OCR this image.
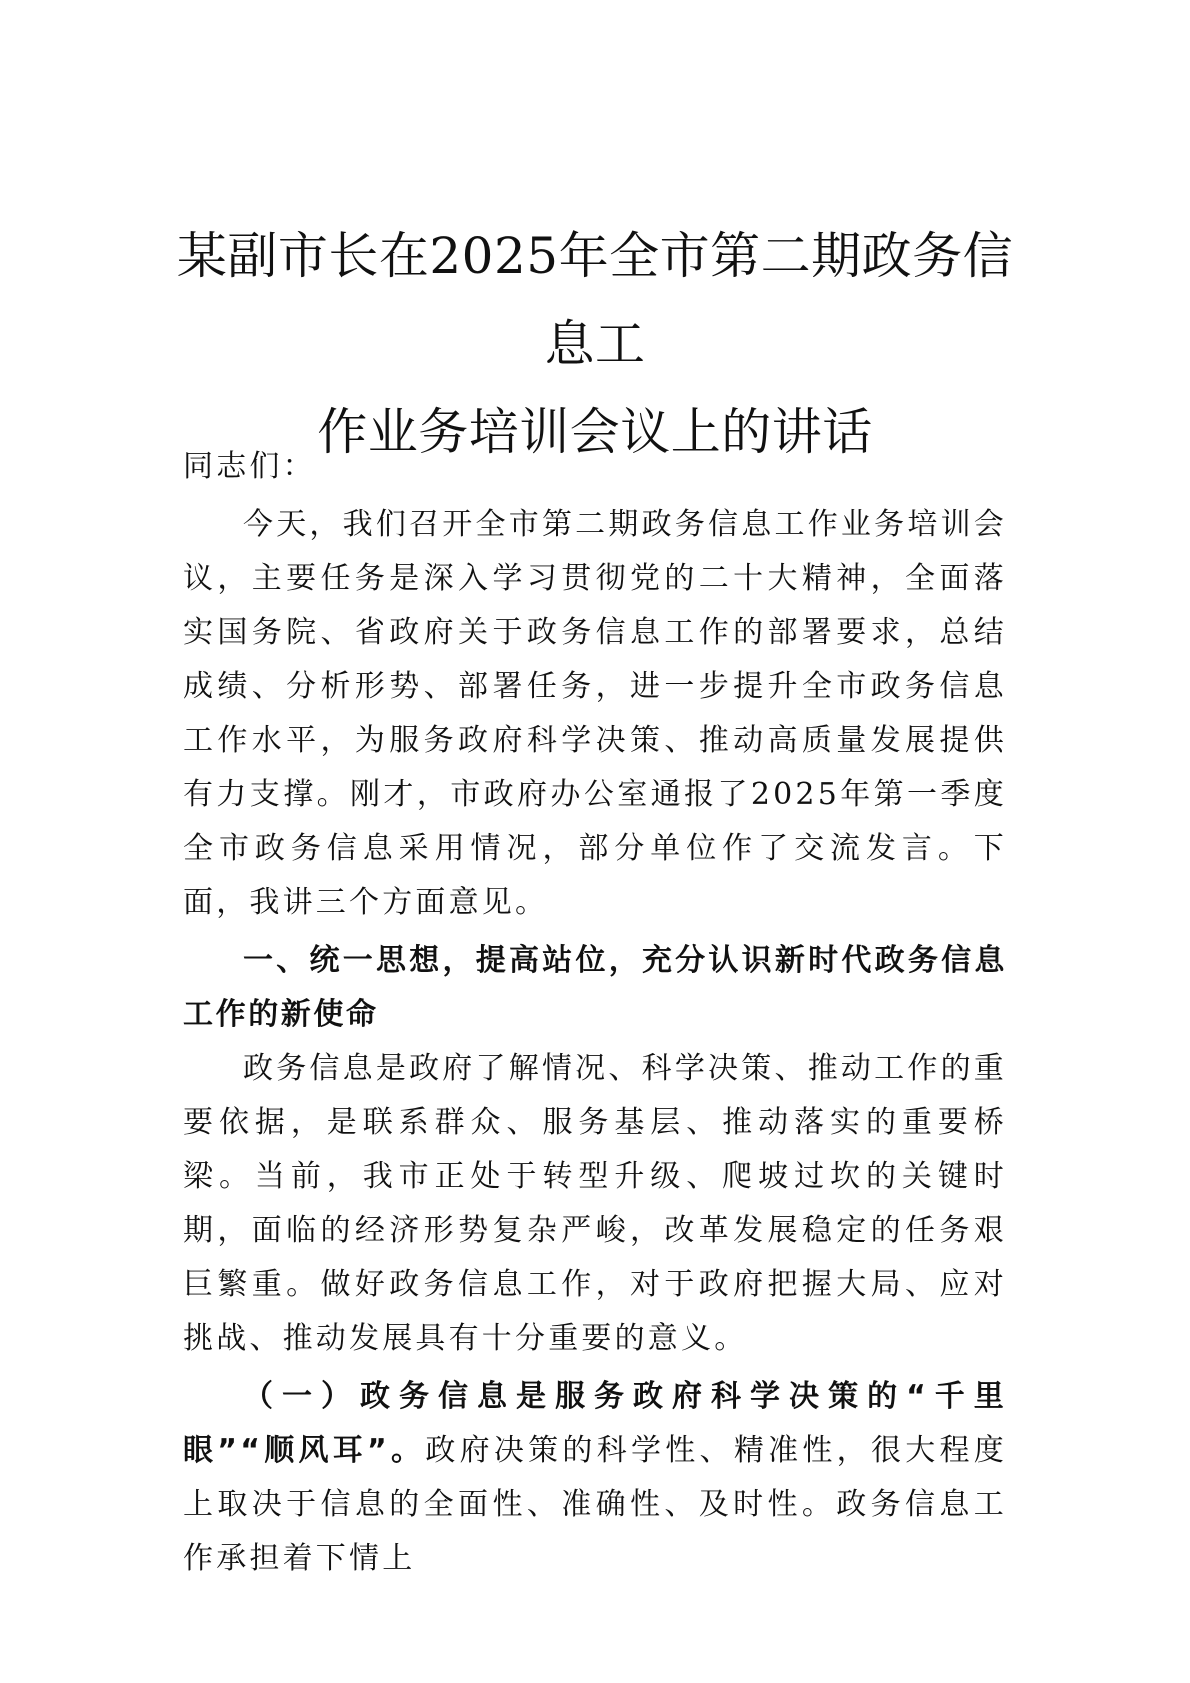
某副市长在2025年全市第二期政务信息工
作业务培训会议上的讲话

同志们：

今天，我们召开全市第二期政务信息工作业务培训会议，主要任务是深入学习贯彻党的二十大精神，全面落实国务院、省政府关于政务信息工作的部署要求，总结成绩、分析形势、部署任务，进一步提升全市政务信息工作水平，为服务政府科学决策、推动高质量发展提供有力支撑。刚才，市政府办公室通报了2025年第一季度全市政务信息采用情况，部分单位作了交流发言。下面，我讲三个方面意见。

一、统一思想，提高站位，充分认识新时代政务信息工作的新使命

政务信息是政府了解情况、科学决策、推动工作的重要依据，是联系群众、服务基层、推动落实的重要桥梁。当前，我市正处于转型升级、爬坡过坎的关键时期，面临的经济形势复杂严峻，改革发展稳定的任务艰巨繁重。做好政务信息工作，对于政府把握大局、应对挑战、推动发展具有十分重要的意义。

（一）政务信息是服务政府科学决策的“千里眼”“顺风耳”。政府决策的科学性、精准性，很大程度上取决于信息的全面性、准确性、及时性。政务信息工作承担着下情上
